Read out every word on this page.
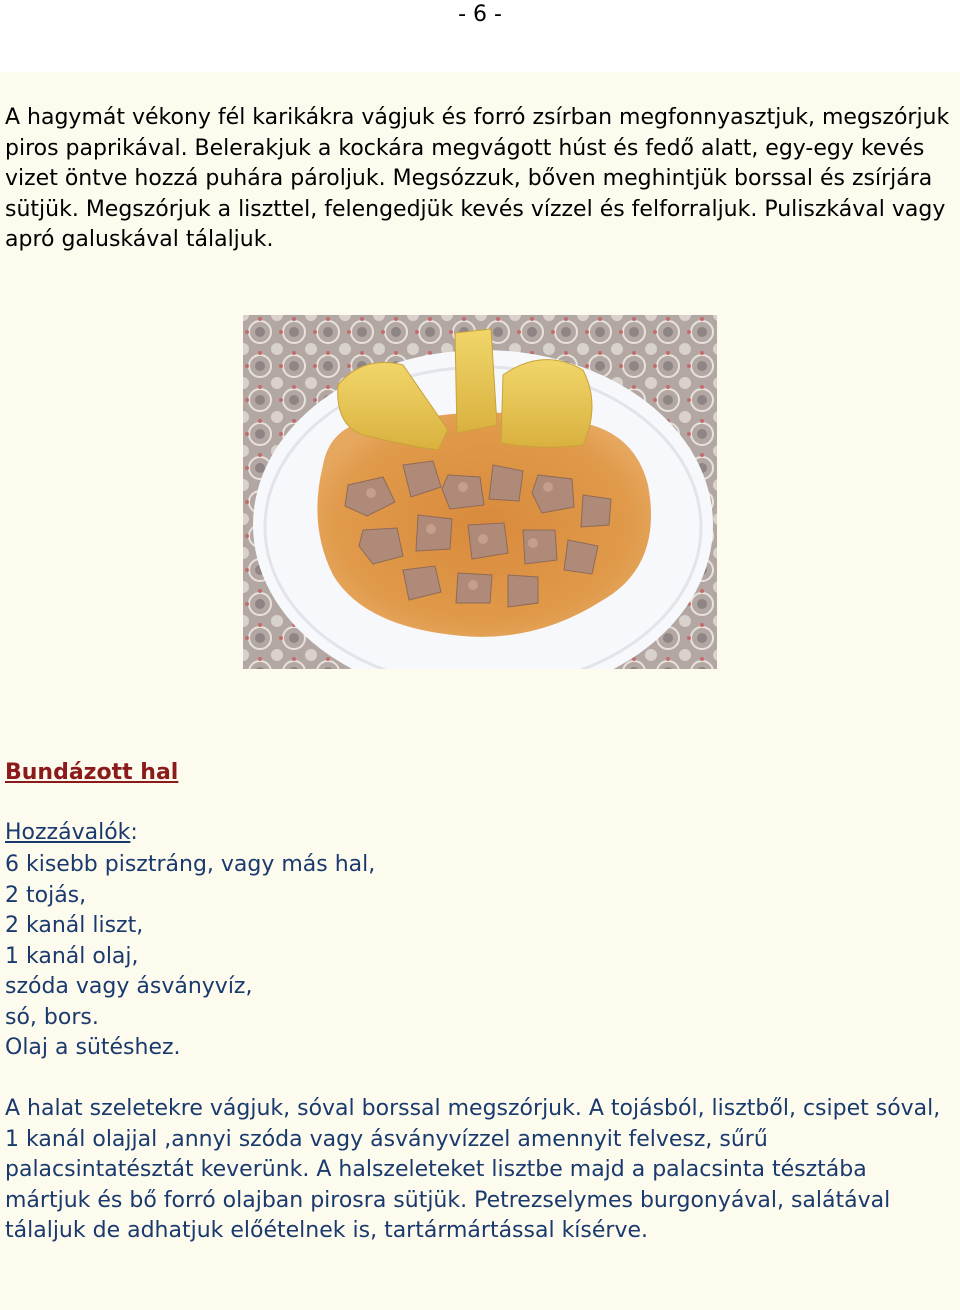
- 6 -

A hagymát vékony fél karikákra vágjuk és forró zsírban megfonnyasztjuk, megszórjuk piros paprikával. Belerakjuk a kockára megvágott húst és fedő alatt, egy-egy kevés vizet öntve hozzá puhára pároljuk. Megsózzuk, bőven meghintjük borssal és zsírjára sütjük. Megszórjuk a liszttel, felengedjük kevés vízzel és felforraljuk. Puliszkával vagy apró galuskával tálaljuk.

Bundázott hal
Hozzávalók:
6 kisebb pisztráng, vagy más hal,
2 tojás,
2 kanál liszt,
1 kanál olaj,
szóda vagy ásványvíz,
só, bors.
Olaj a sütéshez.

A halat szeletekre vágjuk, sóval borssal megszórjuk. A tojásból, lisztből, csipet sóval, 1 kanál olajjal ,annyi szóda vagy ásványvízzel amennyit felvesz, sűrű palacsintatésztát keverünk. A halszeleteket lisztbe majd a palacsinta tésztába mártjuk és bő forró olajban pirosra sütjük. Petrezselymes burgonyával, salátával tálaljuk de adhatjuk előételnek is, tartármártással kísérve.
